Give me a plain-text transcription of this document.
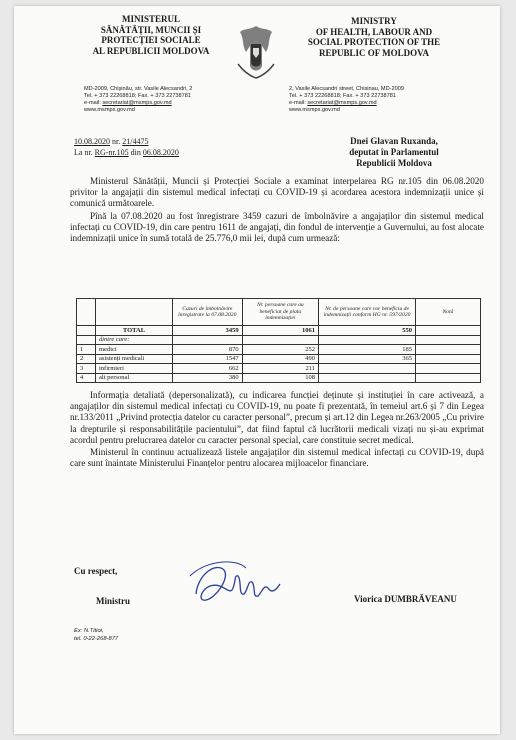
MINISTERUL
SĂNĂTĂȚII, MUNCII ȘI
PROTECȚIEI SOCIALE
AL REPUBLICII MOLDOVA
MINISTRY
OF HEALTH, LABOUR AND
SOCIAL PROTECTION OF THE
REPUBLIC OF MOLDOVA
MD-2009, Chișinău, str. Vasile Alecsandri, 2
Tel. + 373 22268818; Fax. + 373 22738781
e-mail: secretariat@msmps.gov.md
www.msmps.gov.md
2, Vasile Alecsandri street, Chisinau, MD-2009
Tel. + 373 22268818; Fax. + 373 22738781
e-mail: secretariat@msmps.gov.md
www.msmps.gov.md
10.08.2020 nr. 21/4475
La nr. RG-nr.105 din 06.08.2020
Dnei Glavan Ruxanda,
deputat în Parlamentul
Republicii Moldova

Ministerul Sănătății, Muncii și Protecției Sociale a examinat interpelarea RG nr.105 din 06.08.2020 privitor la angajații din sistemul medical infectați cu COVID-19 și acordarea acestora indemnizații unice și comunică următoarele.

Pînă la 07.08.2020 au fost înregistrare 3459 cazuri de îmbolnăvire a angajaților din sistemul medical infectați cu COVID-19, din care pentru 1611 de angajați, din fondul de intervenție a Guvernului, au fost alocate indemnizații unice în sumă totală de 25.776,0 mii lei, după cum urmează:

		Cazuri de îmbolnăvire înregistrate la 07.08.2020	Nr. persoane care au beneficiat de plata indemnizației	Nr. de persoane care vor beneficia de indemnizații conform HG nr. 597/2020	Notă
	TOTAL	3459	1061	550	
	dintre care:				
1	medici	870	252	185	
2	asistenți medicali	1547	490	365	
3	infirmieri	662	211		
4	alt personal	380	108		

Informația detaliată (depersonalizată), cu indicarea funcției deținute și instituției în care activează, a angajaților din sistemul medical infectați cu COVID-19, nu poate fi prezentată, în temeiul art.6 și 7 din Legea nr.133/2011 „Privind protecția datelor cu caracter personal”, precum și art.12 din Legea nr.263/2005 „Cu privire la drepturile și responsabilitățile pacientului”, dat fiind faptul că lucrătorii medicali vizați nu și-au exprimat acordul pentru prelucrarea datelor cu caracter personal special, care constituie secret medical.

Ministerul în continuu actualizează listele angajaților din sistemul medical infectați cu COVID-19, după care sunt înaintate Ministerului Finanțelor pentru alocarea mijloacelor financiare.

Cu respect,
Ministru	Viorica DUMBRĂVEANU
Ex: N.Titioi,
tel. 0-22-268-877
